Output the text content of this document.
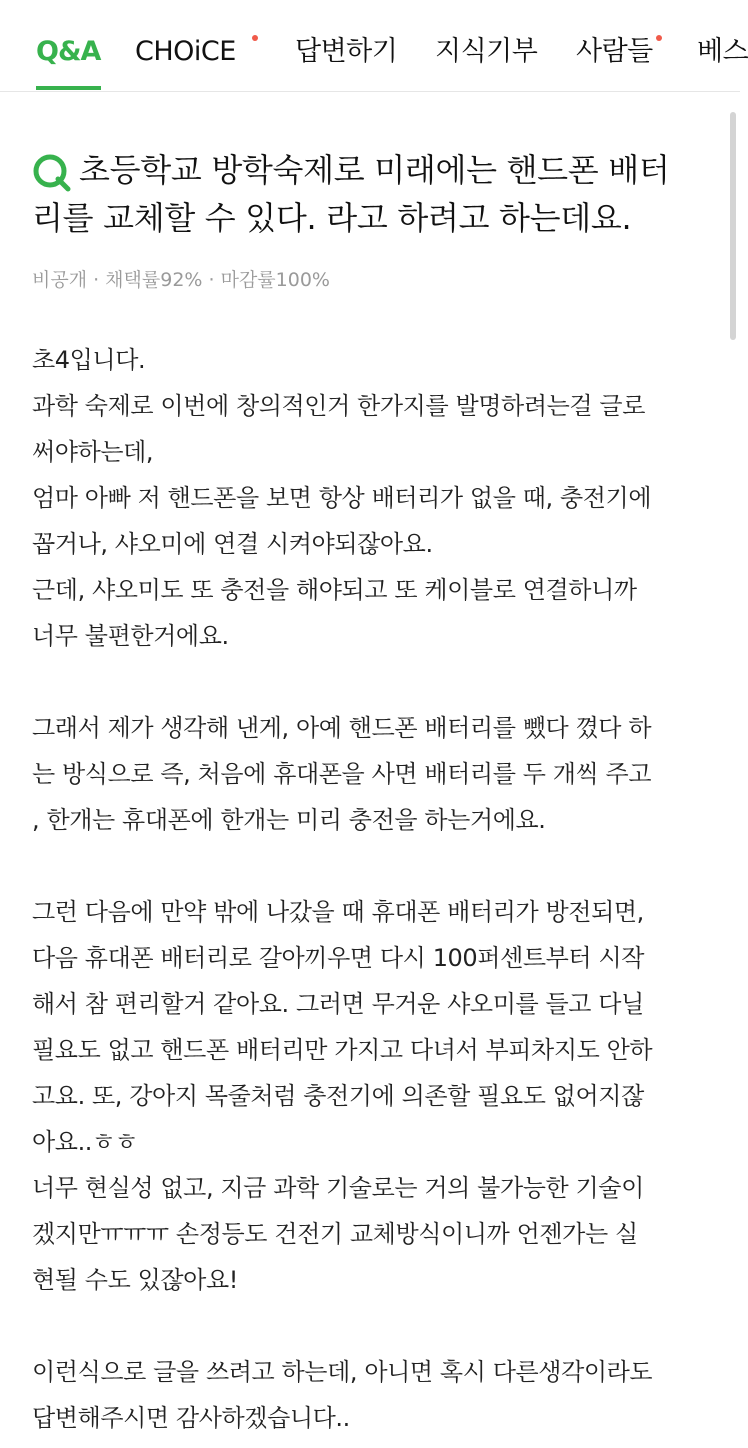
Q&A CHOiCE 답변하기 지식기부 사람들 베스
초등학교 방학숙제로 미래에는 핸드폰 배터
리를 교체할 수 있다. 라고 하려고 하는데요.
비공개 · 채택률92% · 마감률100%
초4입니다.
과학 숙제로 이번에 창의적인거 한가지를 발명하려는걸 글로
써야하는데,
엄마 아빠 저 핸드폰을 보면 항상 배터리가 없을 때, 충전기에
꼽거나, 샤오미에 연결 시켜야되잖아요.
근데, 샤오미도 또 충전을 해야되고 또 케이블로 연결하니까
너무 불편한거에요.
그래서 제가 생각해 낸게, 아예 핸드폰 배터리를 뺐다 꼈다 하
는 방식으로 즉, 처음에 휴대폰을 사면 배터리를 두 개씩 주고
, 한개는 휴대폰에 한개는 미리 충전을 하는거에요.
그런 다음에 만약 밖에 나갔을 때 휴대폰 배터리가 방전되면,
다음 휴대폰 배터리로 갈아끼우면 다시 100퍼센트부터 시작
해서 참 편리할거 같아요. 그러면 무거운 샤오미를 들고 다닐
필요도 없고 핸드폰 배터리만 가지고 다녀서 부피차지도 안하
고요. 또, 강아지 목줄처럼 충전기에 의존할 필요도 없어지잖
아요..ㅎㅎ
너무 현실성 없고, 지금 과학 기술로는 거의 불가능한 기술이
겠지만ㅠㅠㅠ 손정등도 건전기 교체방식이니까 언젠가는 실
현될 수도 있잖아요!
이런식으로 글을 쓰려고 하는데, 아니면 혹시 다른생각이라도
답변해주시면 감사하겠습니다..
